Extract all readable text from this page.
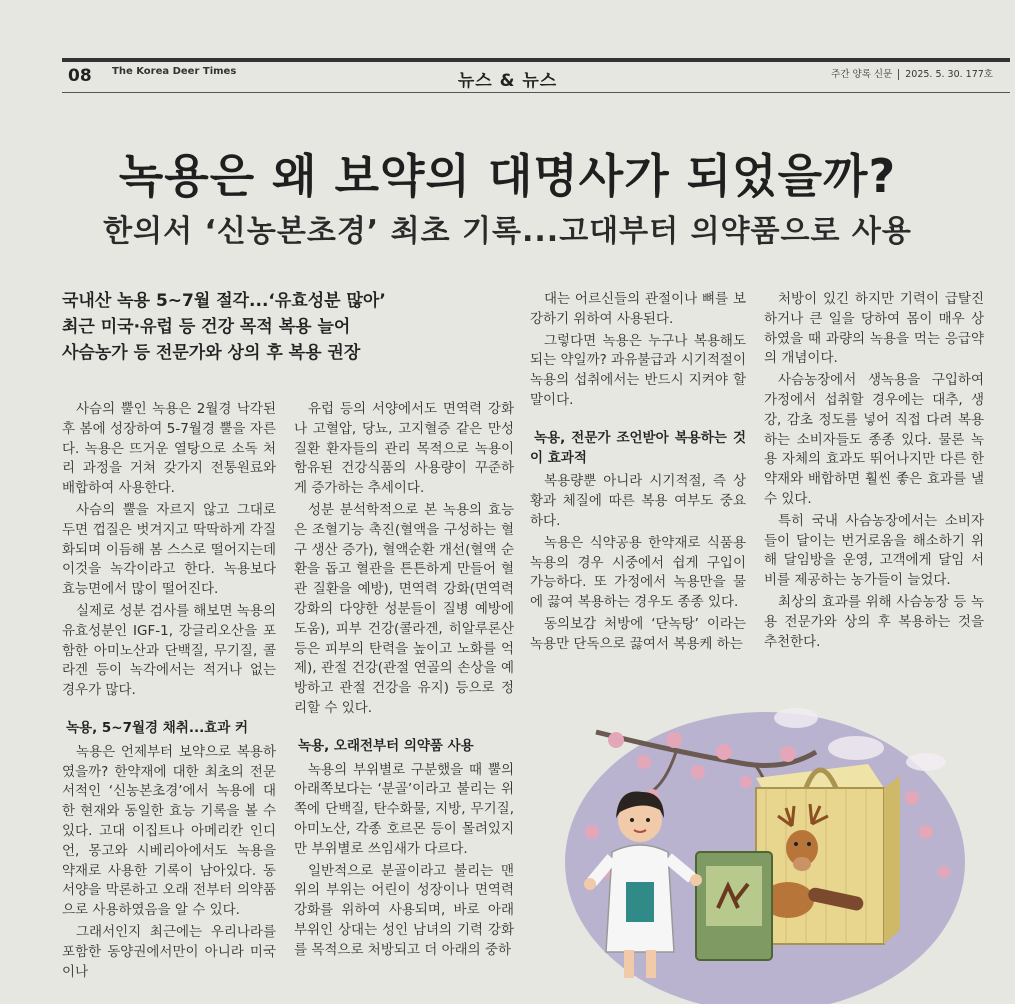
08 The Korea Deer Times	뉴스 & 뉴스	주간 양록 신문 2025. 5. 30. 177호
녹용은 왜 보약의 대명사가 되었을까?
한의서 ‘신농본초경’ 최초 기록...고대부터 의약품으로 사용
국내산 녹용 5~7월 절각...‘유효성분 많아’
최근 미국·유럽 등 건강 목적 복용 늘어
사슴농가 등 전문가와 상의 후 복용 권장

사슴의 뿔인 녹용은 2월경 낙각된 후 봄에 성장하여 5-7월경 뿔을 자른다. 녹용은 뜨거운 열탕으로 소독 처리 과정을 거쳐 갖가지 전통원료와 배합하여 사용한다.

사슴의 뿔을 자르지 않고 그대로 두면 껍질은 벗겨지고 딱딱하게 각질화되며 이듬해 봄 스스로 떨어지는데 이것을 녹각이라고 한다. 녹용보다 효능면에서 많이 떨어진다.

실제로 성분 검사를 해보면 녹용의 유효성분인 IGF-1, 강글리오산을 포함한 아미노산과 단백질, 무기질, 콜라겐 등이 녹각에서는 적거나 없는 경우가 많다.

녹용, 5~7월경 채취...효과 커

녹용은 언제부터 보약으로 복용하였을까? 한약재에 대한 최초의 전문서적인 ‘신농본초경’에서 녹용에 대한 현재와 동일한 효능 기록을 볼 수 있다. 고대 이집트나 아메리칸 인디언, 몽고와 시베리아에서도 녹용을 약재로 사용한 기록이 남아있다. 동서양을 막론하고 오래 전부터 의약품으로 사용하였음을 알 수 있다.

그래서인지 최근에는 우리나라를 포함한 동양권에서만이 아니라 미국이나

유럽 등의 서양에서도 면역력 강화나 고혈압, 당뇨, 고지혈증 같은 만성질환 환자들의 관리 목적으로 녹용이 함유된 건강식품의 사용량이 꾸준하게 증가하는 추세이다.

성분 분석학적으로 본 녹용의 효능은 조혈기능 촉진(혈액을 구성하는 혈구 생산 증가), 혈액순환 개선(혈액 순환을 돕고 혈관을 튼튼하게 만들어 혈관 질환을 예방), 면역력 강화(면역력 강화의 다양한 성분들이 질병 예방에 도움), 피부 건강(콜라겐, 히알루론산 등은 피부의 탄력을 높이고 노화를 억제), 관절 건강(관절 연골의 손상을 예방하고 관절 건강을 유지) 등으로 정리할 수 있다.

녹용, 오래전부터 의약품 사용

녹용의 부위별로 구분했을 때 뿔의 아래쪽보다는 ‘분골’이라고 불리는 위쪽에 단백질, 탄수화물, 지방, 무기질, 아미노산, 각종 호르몬 등이 몰려있지만 부위별로 쓰임새가 다르다.

일반적으로 분골이라고 불리는 맨 위의 부위는 어린이 성장이나 면역력 강화를 위하여 사용되며, 바로 아래 부위인 상대는 성인 남녀의 기력 강화를 목적으로 처방되고 더 아래의 중하

대는 어르신들의 관절이나 뼈를 보강하기 위하여 사용된다.

그렇다면 녹용은 누구나 복용해도 되는 약일까? 과유불급과 시기적절이 녹용의 섭취에서는 반드시 지켜야 할 말이다.

녹용, 전문가 조언받아 복용하는 것이 효과적

복용량뿐 아니라 시기적절, 즉 상황과 체질에 따른 복용 여부도 중요하다.

녹용은 식약공용 한약재로 식품용 녹용의 경우 시중에서 쉽게 구입이 가능하다. 또 가정에서 녹용만을 물에 끓여 복용하는 경우도 종종 있다.

동의보감 처방에 ‘단녹탕’ 이라는 녹용만 단독으로 끓여서 복용케 하는

처방이 있긴 하지만 기력이 급탈진하거나 큰 일을 당하여 몸이 매우 상하였을 때 과량의 녹용을 먹는 응급약의 개념이다.

사슴농장에서 생녹용을 구입하여 가정에서 섭취할 경우에는 대추, 생강, 감초 정도를 넣어 직접 다려 복용하는 소비자들도 종종 있다. 물론 녹용 자체의 효과도 뛰어나지만 다른 한약재와 배합하면 훨씬 좋은 효과를 낼 수 있다.

특히 국내 사슴농장에서는 소비자들이 달이는 번거로움을 해소하기 위해 달임방을 운영, 고객에게 달임 서비를 제공하는 농가들이 늘었다.

최상의 효과를 위해 사슴농장 등 녹용 전문가와 상의 후 복용하는 것을 추천한다.
